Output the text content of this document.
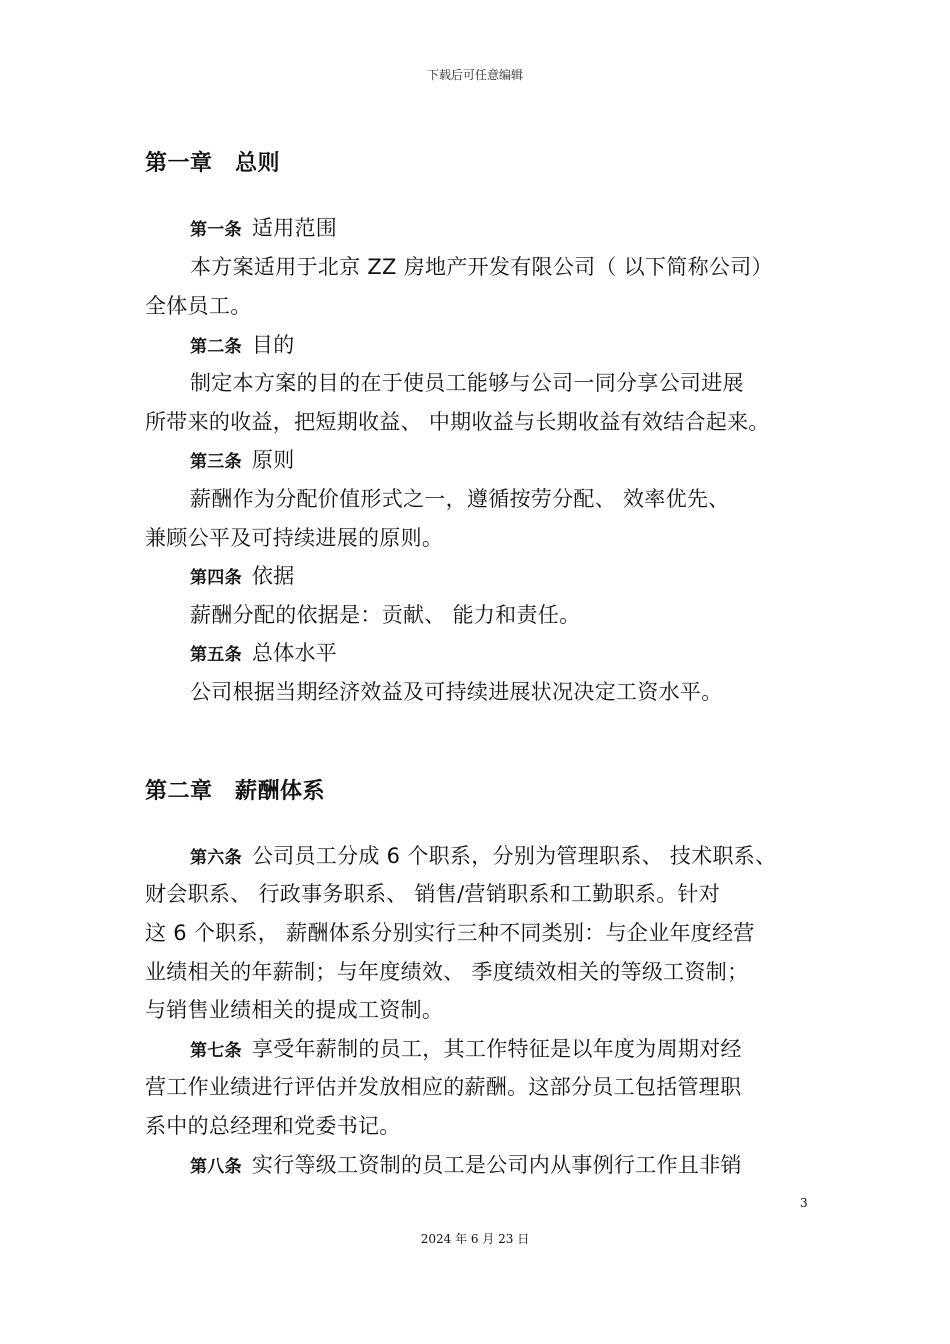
下载后可任意编辑
第一章　总则
第一条 适用范围
本方案适用于北京 ZZ 房地产开发有限公司（ 以下简称公司）
全体员工。
第二条 目的
制定本方案的目的在于使员工能够与公司一同分享公司进展
所带来的收益，把短期收益、 中期收益与长期收益有效结合起来。
第三条 原则
薪酬作为分配价值形式之一，遵循按劳分配、 效率优先、
兼顾公平及可持续进展的原则。
第四条 依据
薪酬分配的依据是：贡献、 能力和责任。
第五条 总体水平
公司根据当期经济效益及可持续进展状况决定工资水平。
第二章　薪酬体系
第六条 公司员工分成 6 个职系，分别为管理职系、 技术职系、
财会职系、 行政事务职系、 销售/营销职系和工勤职系。针对
这 6 个职系， 薪酬体系分别实行三种不同类别：与企业年度经营
业绩相关的年薪制；与年度绩效、 季度绩效相关的等级工资制；
与销售业绩相关的提成工资制。
第七条 享受年薪制的员工，其工作特征是以年度为周期对经
营工作业绩进行评估并发放相应的薪酬。这部分员工包括管理职
系中的总经理和党委书记。
第八条 实行等级工资制的员工是公司内从事例行工作且非销
3
2024 年 6 月 23 日
